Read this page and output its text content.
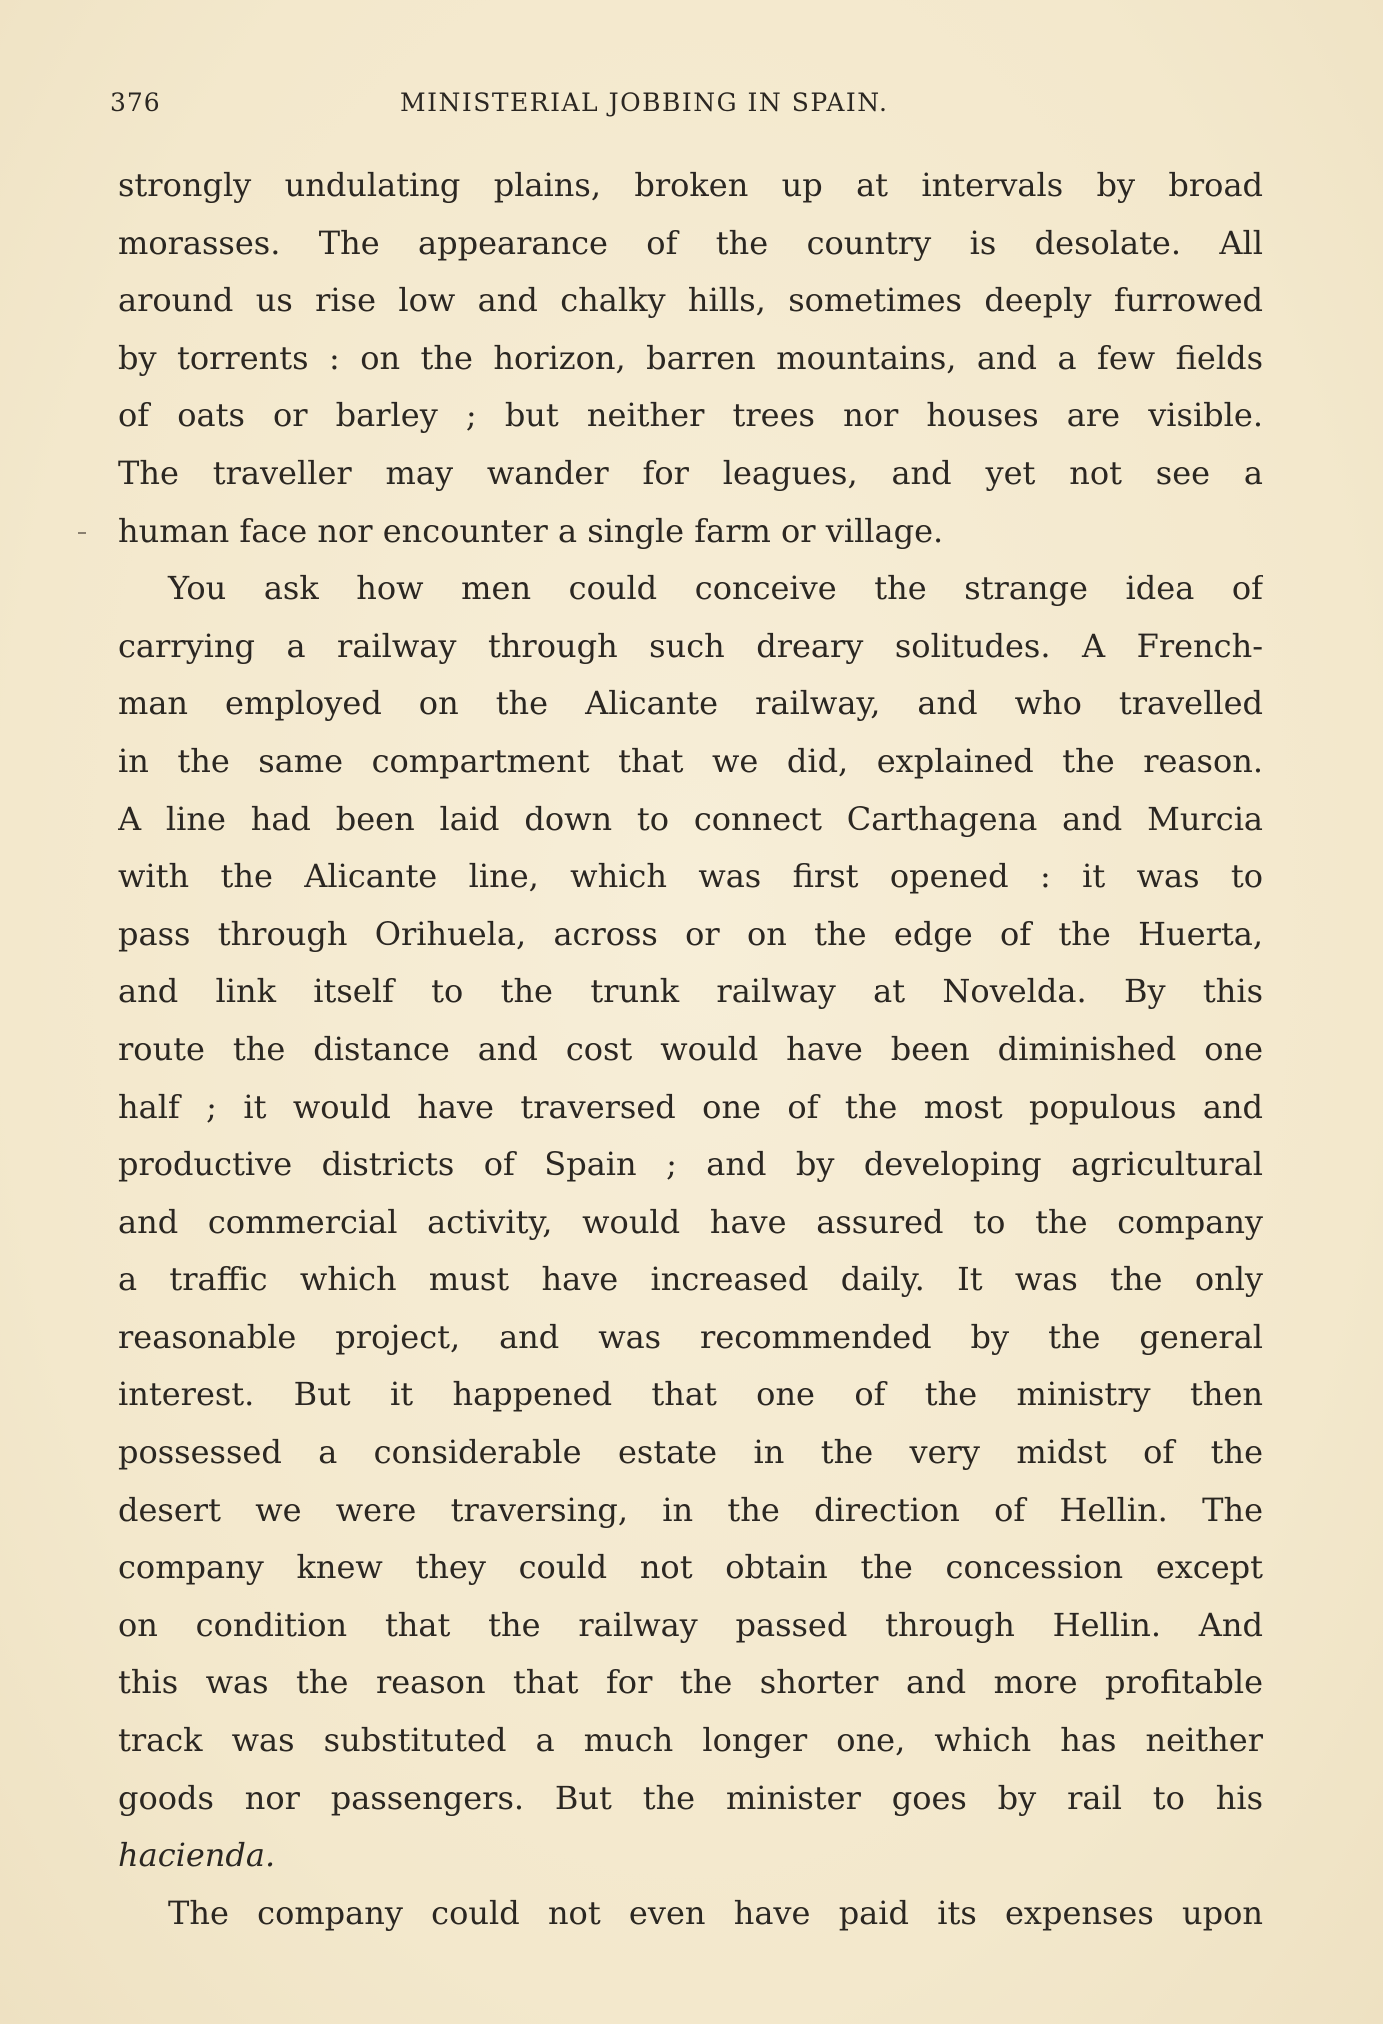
376	MINISTERIAL JOBBING IN SPAIN.
strongly undulating plains, broken up at intervals by broad
morasses. The appearance of the country is desolate. All
around us rise low and chalky hills, sometimes deeply furrowed
by torrents : on the horizon, barren mountains, and a few fields
of oats or barley ; but neither trees nor houses are visible.
The traveller may wander for leagues, and yet not see a
human face nor encounter a single farm or village.
You ask how men could conceive the strange idea of
carrying a railway through such dreary solitudes. A French-
man employed on the Alicante railway, and who travelled
in the same compartment that we did, explained the reason.
A line had been laid down to connect Carthagena and Murcia
with the Alicante line, which was first opened : it was to
pass through Orihuela, across or on the edge of the Huerta,
and link itself to the trunk railway at Novelda. By this
route the distance and cost would have been diminished one
half ; it would have traversed one of the most populous and
productive districts of Spain ; and by developing agricultural
and commercial activity, would have assured to the company
a traffic which must have increased daily. It was the only
reasonable project, and was recommended by the general
interest. But it happened that one of the ministry then
possessed a considerable estate in the very midst of the
desert we were traversing, in the direction of Hellin. The
company knew they could not obtain the concession except
on condition that the railway passed through Hellin. And
this was the reason that for the shorter and more profitable
track was substituted a much longer one, which has neither
goods nor passengers. But the minister goes by rail to his
hacienda.
The company could not even have paid its expenses upon
